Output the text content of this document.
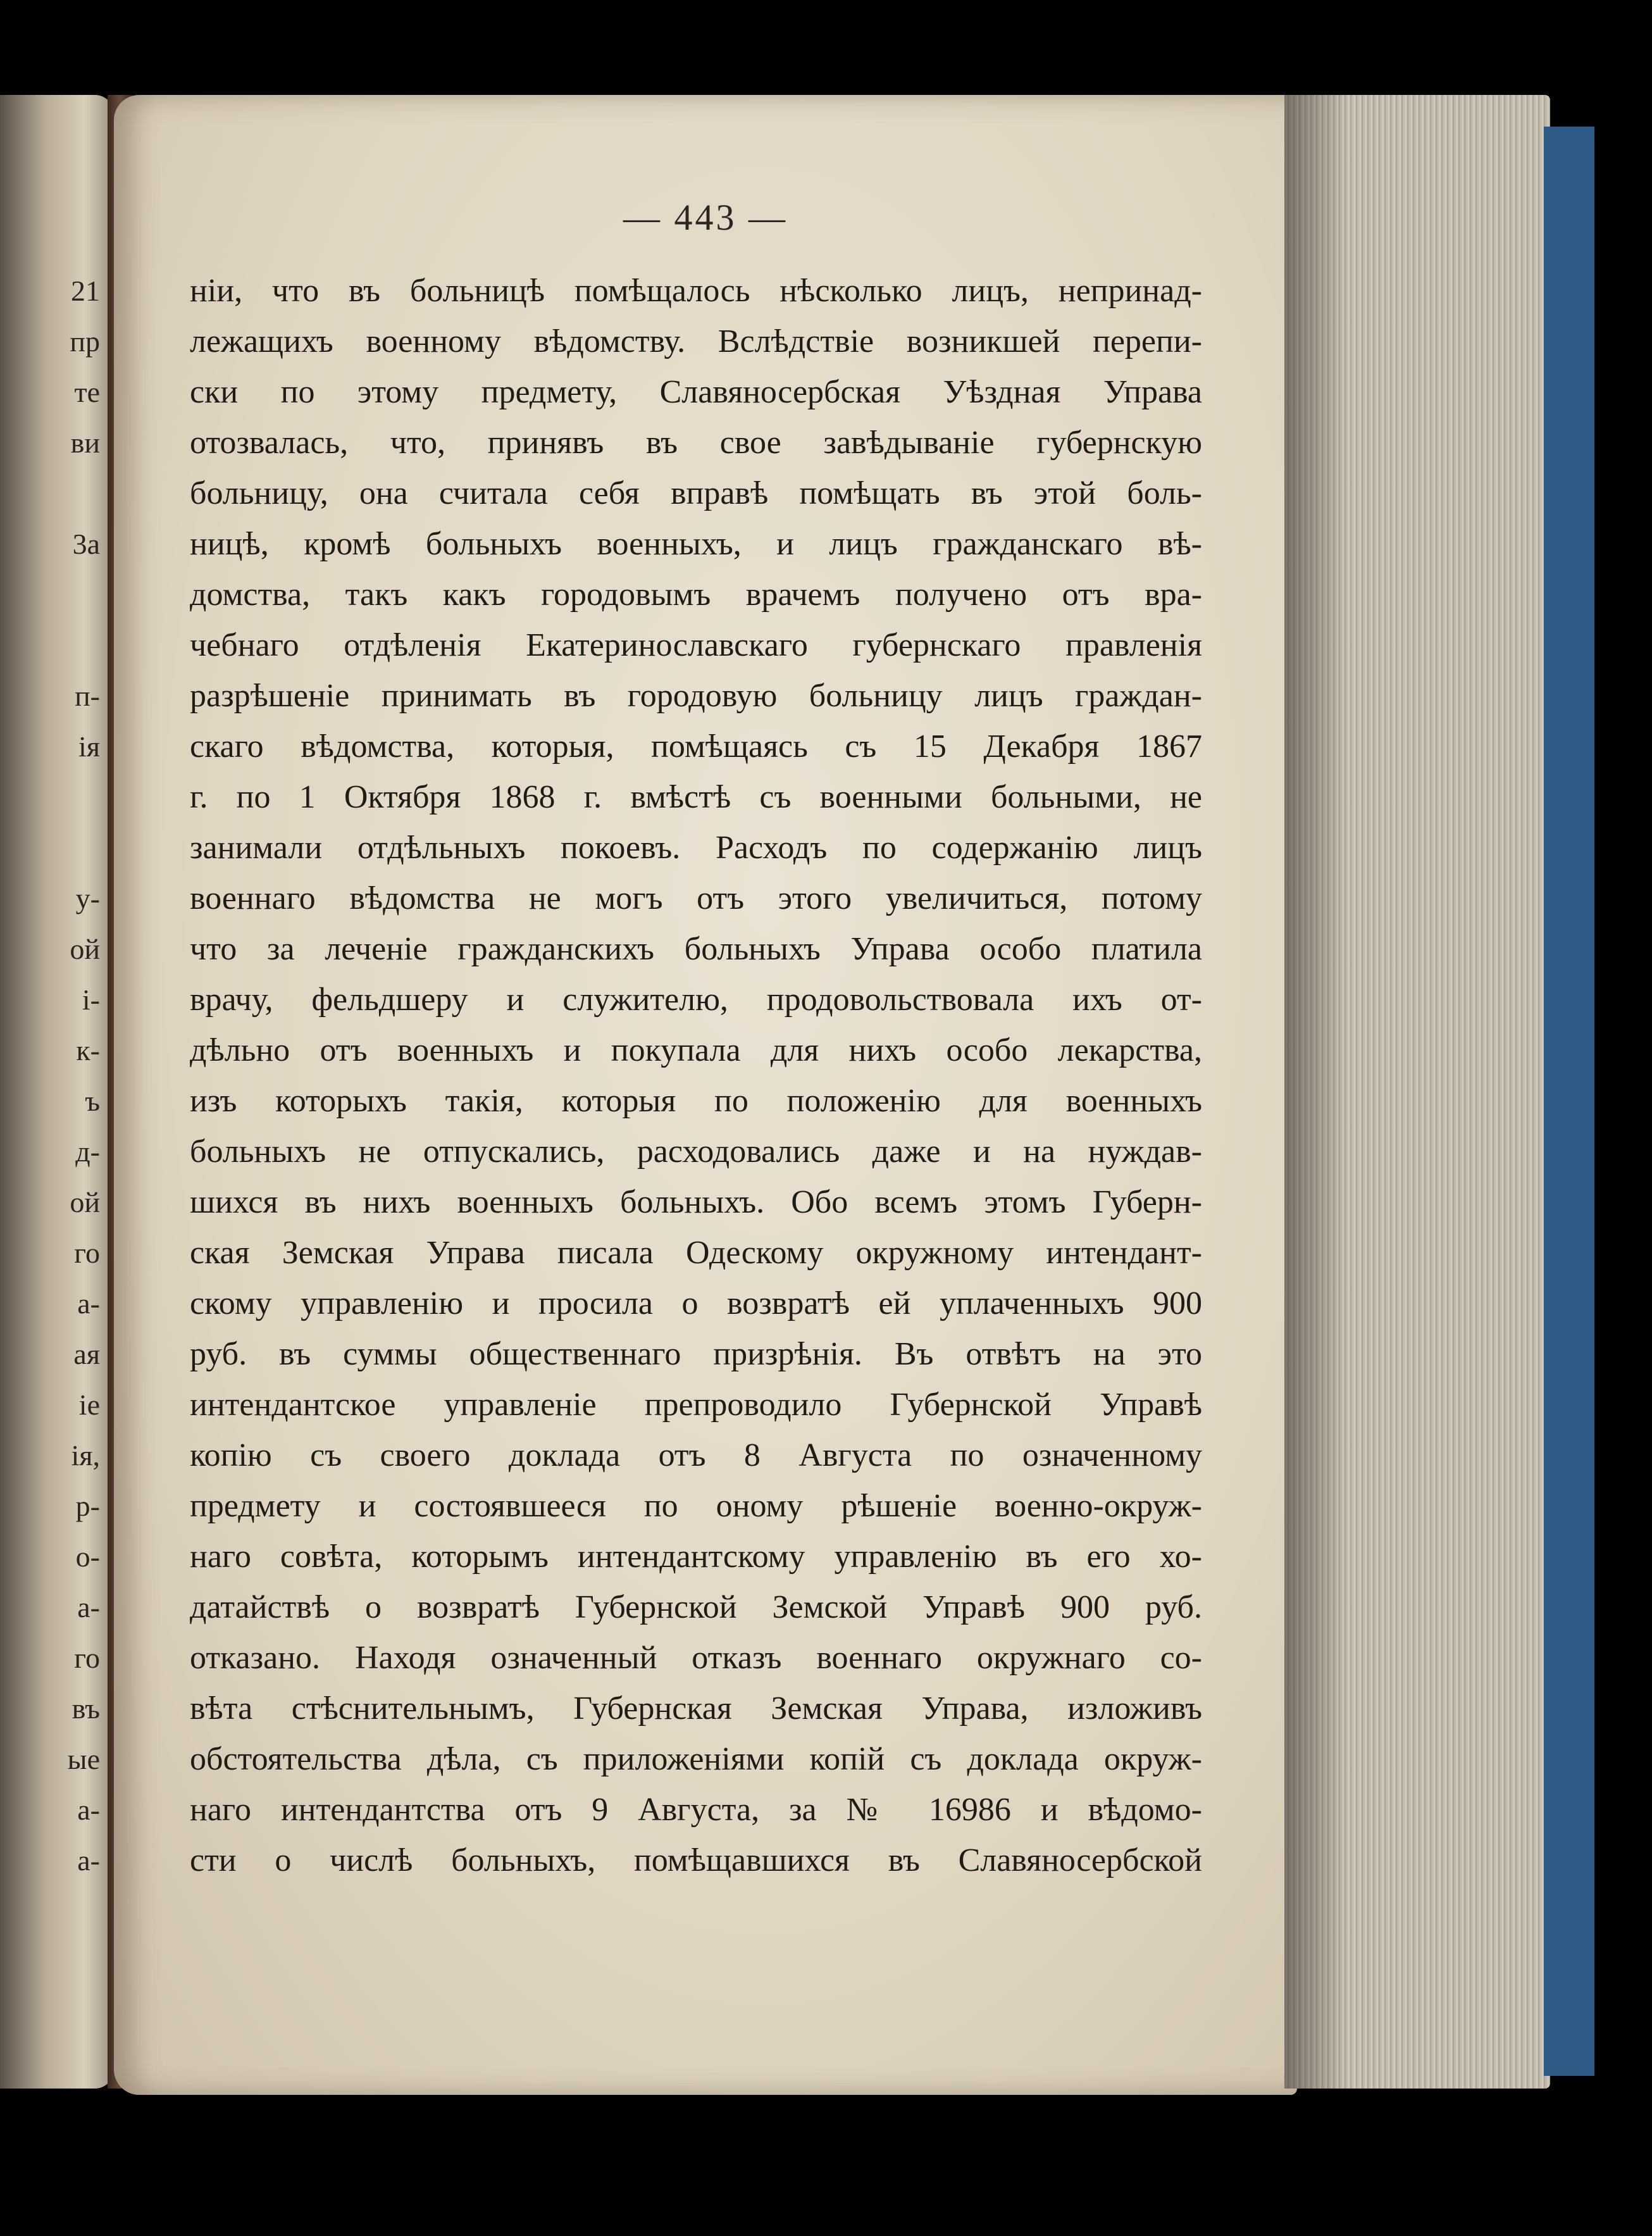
21
пр
те
ви
3a
п-
ія
у-
ой
і-
к-
ъ
д-
ой
го
а-
ая
іе
ія,
р-
о-
а-
го
въ
ые
а-
а-
— 443 —
ніи, что въ больницѣ помѣщалось нѣсколько лицъ, непринад-
лежащихъ военному вѣдомству. Вслѣдствіе возникшей перепи-
ски по этому предмету, Славяносербская Уѣздная Управа
отозвалась, что, принявъ въ свое завѣдываніе губернскую
больницу, она считала себя вправѣ помѣщать въ этой боль-
ницѣ, кромѣ больныхъ военныхъ, и лицъ гражданскаго вѣ-
домства, такъ какъ городовымъ врачемъ получено отъ вра-
чебнаго отдѣленія Екатеринославскаго губернскаго правленія
разрѣшеніе принимать въ городовую больницу лицъ граждан-
скаго вѣдомства, которыя, помѣщаясь съ 15 Декабря 1867
г. по 1 Октября 1868 г. вмѣстѣ съ военными больными, не
занимали отдѣльныхъ покоевъ. Расходъ по содержанію лицъ
военнаго вѣдомства не могъ отъ этого увеличиться, потому
что за леченіе гражданскихъ больныхъ Управа особо платила
врачу, фельдшеру и служителю, продовольствовала ихъ от-
дѣльно отъ военныхъ и покупала для нихъ особо лекарства,
изъ которыхъ такія, которыя по положенію для военныхъ
больныхъ не отпускались, расходовались даже и на нуждав-
шихся въ нихъ военныхъ больныхъ. Обо всемъ этомъ Губерн-
ская Земская Управа писала Одескому окружному интендант-
скому управленію и просила о возвратѣ ей уплаченныхъ 900
руб. въ суммы общественнаго призрѣнія. Въ отвѣтъ на это
интендантское управленіе препроводило Губернской Управѣ
копію съ своего доклада отъ 8 Августа по означенному
предмету и состоявшееся по оному рѣшеніе военно-окруж-
наго совѣта, которымъ интендантскому управленію въ его хо-
датайствѣ о возвратѣ Губернской Земской Управѣ 900 руб.
отказано. Находя означенный отказъ военнаго окружнаго со-
вѣта стѣснительнымъ, Губернская Земская Управа, изложивъ
обстоятельства дѣла, съ приложеніями копій съ доклада окруж-
наго интендантства отъ 9 Августа, за № 16986 и вѣдомо-
сти о числѣ больныхъ, помѣщавшихся въ Славяносербской
